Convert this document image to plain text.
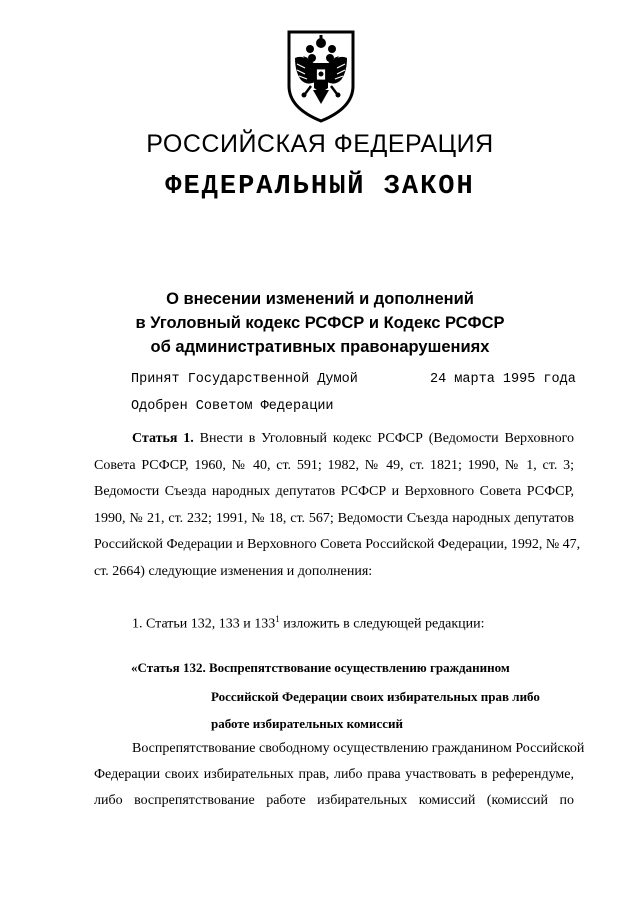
РОССИЙСКАЯ ФЕДЕРАЦИЯ
ФЕДЕРАЛЬНЫЙ ЗАКОН
О внесении изменений и дополнений
в Уголовный кодекс РСФСР и Кодекс РСФСР
об административных правонарушениях
Принят Государственной Думой	24 марта 1995 года
Одобрен Советом Федерации
Статья 1. Внести в Уголовный кодекс РСФСР (Ведомости Верховного
Совета РСФСР, 1960, № 40, ст. 591; 1982, № 49, ст. 1821; 1990, № 1, ст. 3;
Ведомости Съезда народных депутатов РСФСР и Верховного Совета РСФСР,
1990, № 21, ст. 232; 1991, № 18, ст. 567; Ведомости Съезда народных депутатов
Российской Федерации и Верховного Совета Российской Федерации, 1992, № 47,
ст. 2664) следующие изменения и дополнения:
1. Статьи 132, 133 и $133^1$ изложить в следующей редакции:
«Статья 132. Воспрепятствование осуществлению гражданином
Российской Федерации своих избирательных прав либо
работе избирательных комиссий
Воспрепятствование свободному осуществлению гражданином Российской
Федерации своих избирательных прав, либо права участвовать в референдуме,
либо воспрепятствование работе избирательных комиссий (комиссий по
